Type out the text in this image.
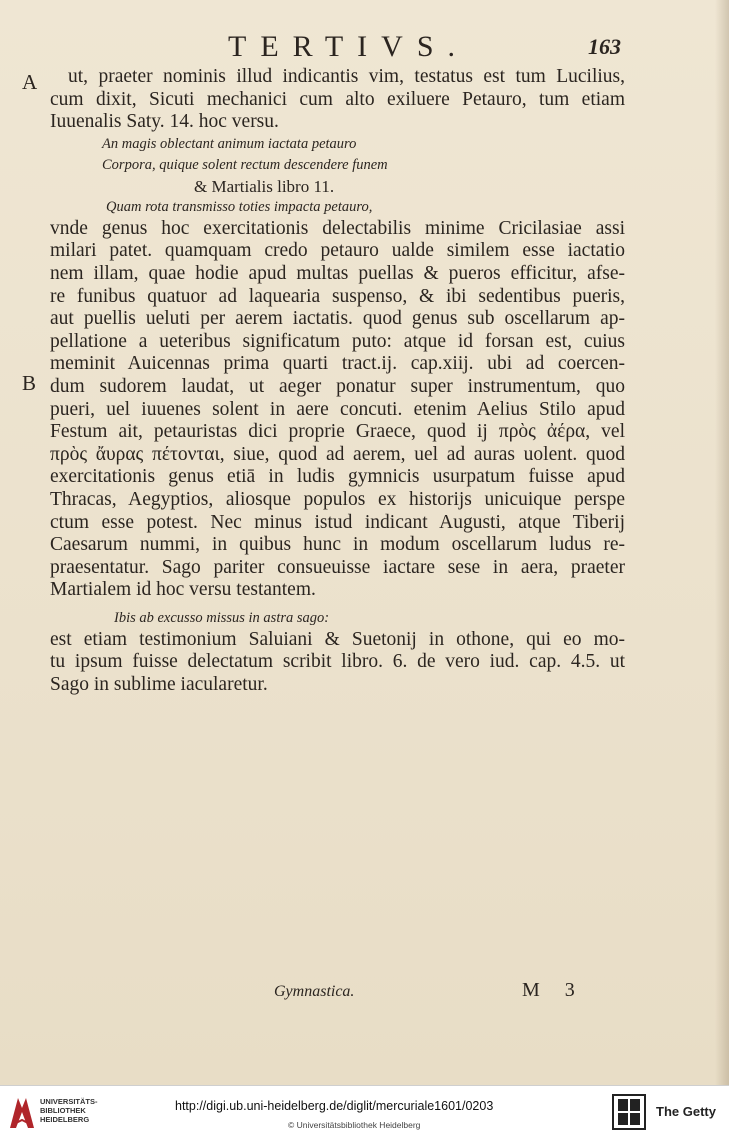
TERTIVS.	163
A
B
ut, praeter nominis illud indicantis vim, testatus est tum Lucilius,
cum dixit, Sicuti mechanici cum alto exiluere Petauro, tum etiam
Iuuenalis Saty. 14. hoc versu.
An magis oblectant animum iactata petauro
Corpora, quique solent rectum descendere funem
& Martialis libro 11.
Quam rota transmisso toties impacta petauro,
vnde genus hoc exercitationis delectabilis minime Cricilasiae assi
milari patet. quamquam credo petauro ualde similem esse iactatio
nem illam, quae hodie apud multas puellas & pueros efficitur, afse-
re funibus quatuor ad laquearia suspenso, & ibi sedentibus pueris,
aut puellis ueluti per aerem iactatis. quod genus sub oscellarum ap-
pellatione a ueteribus significatum puto: atque id forsan est, cuius
meminit Auicennas prima quarti tract.ij. cap.xiij. ubi ad coercen-
dum sudorem laudat, ut aeger ponatur super instrumentum, quo
pueri, uel iuuenes solent in aere concuti. etenim Aelius Stilo apud
Festum ait, petauristas dici proprie Graece, quod ij πρὸς ἀέρα, vel
πρὸς ἄυρας πέτονται, siue, quod ad aerem, uel ad auras uolent. quod
exercitationis genus etiā in ludis gymnicis usurpatum fuisse apud
Thracas, Aegyptios, aliosque populos ex historijs unicuique perspe
ctum esse potest. Nec minus istud indicant Augusti, atque Tiberij
Caesarum nummi, in quibus hunc in modum oscellarum ludus re-
praesentatur. Sago pariter consueuisse iactare sese in aera, praeter
Martialem id hoc versu testantem.
Ibis ab excusso missus in astra sago:
est etiam testimonium Saluiani & Suetonij in othone, qui eo mo-
tu ipsum fuisse delectatum scribit libro. 6. de vero iud. cap. 4.5. ut
Sago in sublime iacularetur.
Gymnastica.	M 3
UNIVERSITÄTS-
BIBLIOTHEK
HEIDELBERG
http://digi.ub.uni-heidelberg.de/diglit/mercuriale1601/0203
© Universitätsbibliothek Heidelberg
The Getty
